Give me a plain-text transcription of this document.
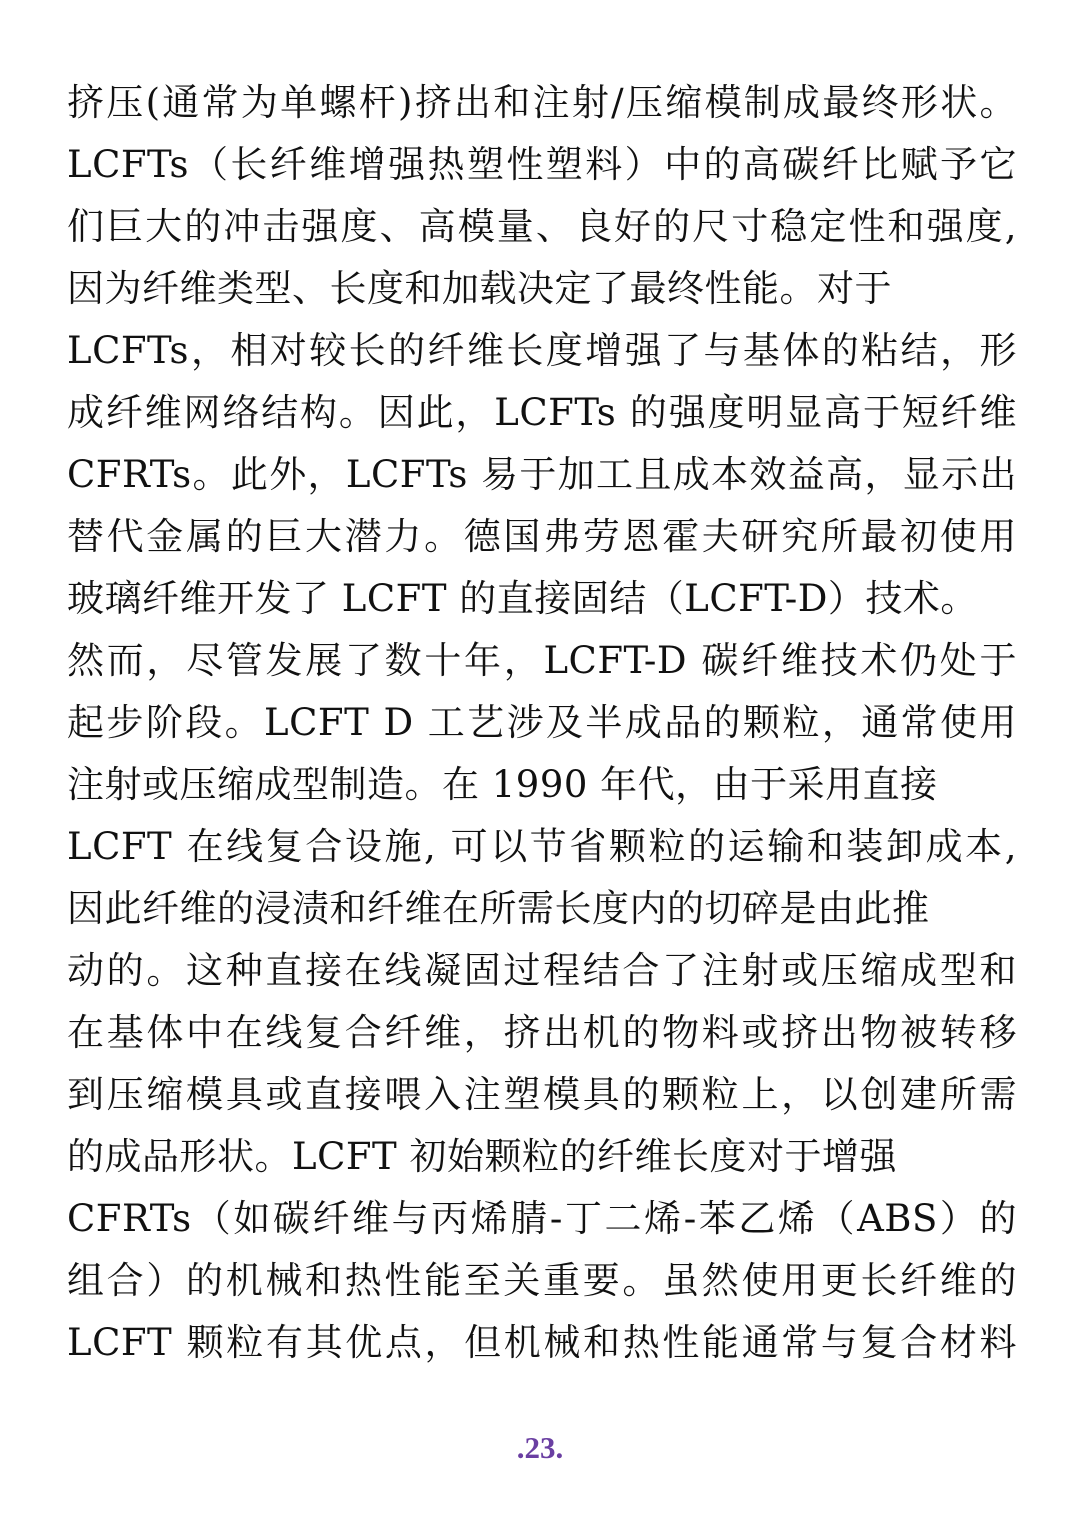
挤压(通常为单螺杆)挤出和注射/压缩模制成最终形状。
LCFTs（长纤维增强热塑性塑料）中的高碳纤比赋予它
们巨大的冲击强度、高模量、良好的尺寸稳定性和强度,
因为纤维类型、长度和加载决定了最终性能。对于
LCFTs，相对较长的纤维长度增强了与基体的粘结，形
成纤维网络结构。因此，LCFTs 的强度明显高于短纤维
CFRTs。此外，LCFTs 易于加工且成本效益高，显示出
替代金属的巨大潜力。德国弗劳恩霍夫研究所最初使用
玻璃纤维开发了 LCFT 的直接固结（LCFT-D）技术。
然而，尽管发展了数十年，LCFT-D 碳纤维技术仍处于
起步阶段。LCFT D 工艺涉及半成品的颗粒，通常使用
注射或压缩成型制造。在 1990 年代，由于采用直接
LCFT 在线复合设施, 可以节省颗粒的运输和装卸成本,
因此纤维的浸渍和纤维在所需长度内的切碎是由此推
动的。这种直接在线凝固过程结合了注射或压缩成型和
在基体中在线复合纤维，挤出机的物料或挤出物被转移
到压缩模具或直接喂入注塑模具的颗粒上，以创建所需
的成品形状。LCFT 初始颗粒的纤维长度对于增强
CFRTs（如碳纤维与丙烯腈-丁二烯-苯乙烯（ABS）的
组合）的机械和热性能至关重要。虽然使用更长纤维的
LCFT 颗粒有其优点，但机械和热性能通常与复合材料
.23.
